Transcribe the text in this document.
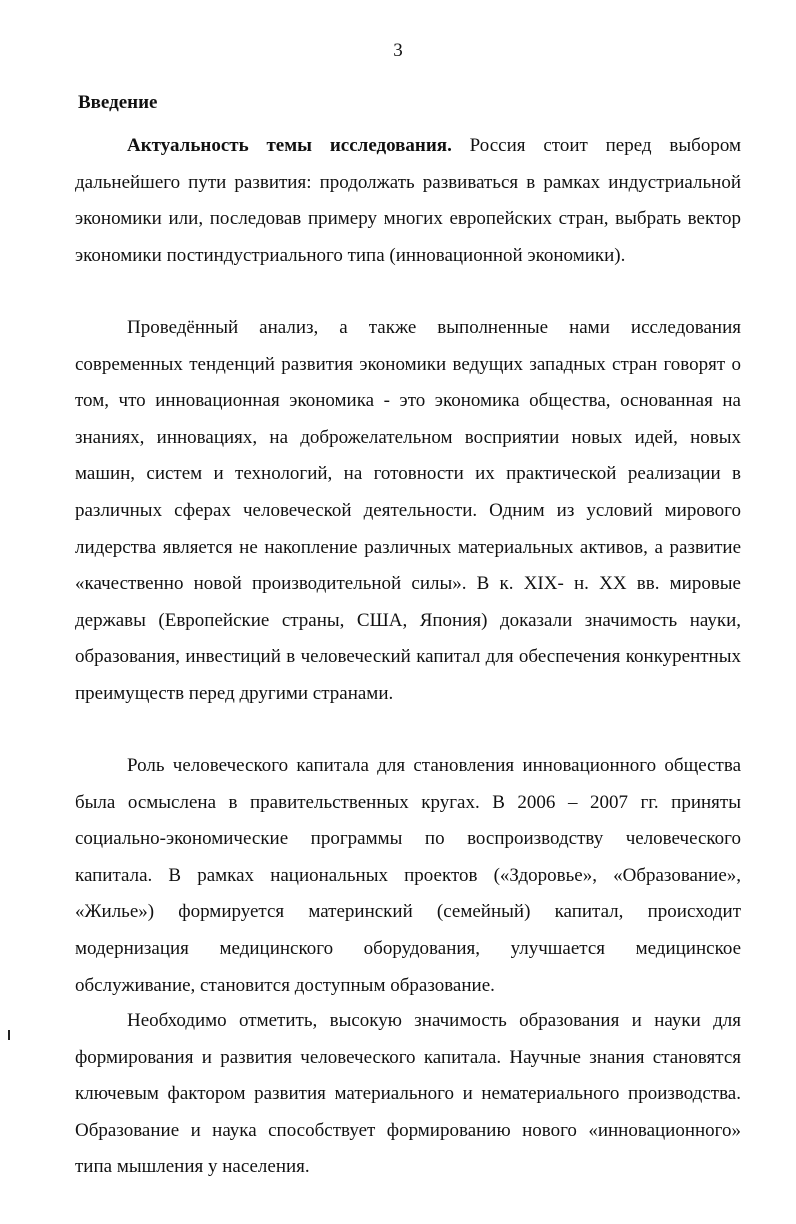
3
Введение

Актуальность темы исследования. Россия стоит перед выбором дальнейшего пути развития: продолжать развиваться в рамках индустриальной экономики или, последовав примеру многих европейских стран, выбрать вектор экономики постиндустриального типа (инновационной экономики).

Проведённый анализ, а также выполненные нами исследования современных тенденций развития экономики ведущих западных стран говорят о том, что инновационная экономика - это экономика общества, основанная на знаниях, инновациях, на доброжелательном восприятии новых идей, новых машин, систем и технологий, на готовности их практической реализации в различных сферах человеческой деятельности. Одним из условий мирового лидерства является не накопление различных материальных активов, а развитие «качественно новой производительной силы». В к. XIX- н. XX вв. мировые державы (Европейские страны, США, Япония) доказали значимость науки, образования, инвестиций в человеческий капитал для обеспечения конкурентных преимуществ перед другими странами.

Роль человеческого капитала для становления инновационного общества была осмыслена в правительственных кругах. В 2006 – 2007 гг. приняты социально-экономические программы по воспроизводству человеческого капитала. В рамках национальных проектов («Здоровье», «Образование», «Жилье») формируется материнский (семейный) капитал, происходит модернизация медицинского оборудования, улучшается медицинское обслуживание, становится доступным образование.

Необходимо отметить, высокую значимость образования и науки для формирования и развития человеческого капитала. Научные знания становятся ключевым фактором развития материального и нематериального производства. Образование и наука способствует формированию нового «инновационного» типа мышления у населения.
